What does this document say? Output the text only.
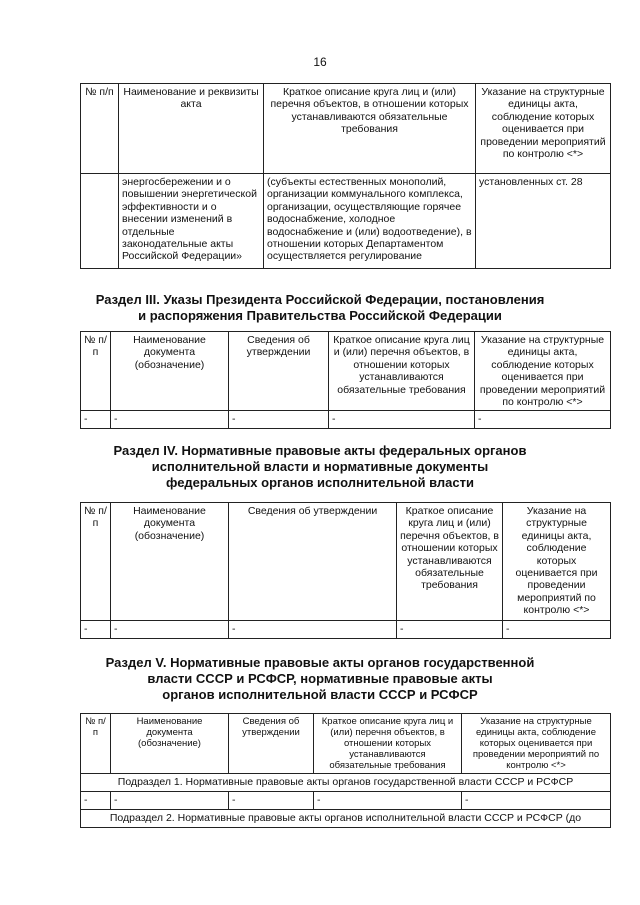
16
№ п/п	Наименование и реквизиты акта	Краткое описание круга лиц и (или) перечня объектов, в отношении которых устанавливаются обязательные требования	Указание на структурные единицы акта, соблюдение которых оценивается при проведении мероприятий по контролю <*>
	энергосбережении и о повышении энергетической эффективности и о внесении изменений в отдельные законодательные акты Российской Федерации»	(субъекты естественных монополий, организации коммунального комплекса, организации, осуществляющие горячее водоснабжение, холодное водоснабжение и (или) водоотведение), в отношении которых Департаментом осуществляется регулирование	установленных ст. 28
Раздел III. Указы Президента Российской Федерации, постановления
и распоряжения Правительства Российской Федерации
№ п/п	Наименование документа (обозначение)	Сведения об утверждении	Краткое описание круга лиц и (или) перечня объектов, в отношении которых устанавливаются обязательные требования	Указание на структурные единицы акта, соблюдение которых оценивается при проведении мероприятий по контролю <*>
-	-	-	-	-
Раздел IV. Нормативные правовые акты федеральных органов
исполнительной власти и нормативные документы
федеральных органов исполнительной власти
№ п/п	Наименование документа (обозначение)	Сведения об утверждении	Краткое описание круга лиц и (или) перечня объектов, в отношении которых устанавливаются обязательные требования	Указание на структурные единицы акта, соблюдение которых оценивается при проведении мероприятий по контролю <*>
-	-	-	-	-
Раздел V. Нормативные правовые акты органов государственной
власти СССР и РСФСР, нормативные правовые акты
органов исполнительной власти СССР и РСФСР
№ п/п	Наименование документа (обозначение)	Сведения об утверждении	Краткое описание круга лиц и (или) перечня объектов, в отношении которых устанавливаются обязательные требования	Указание на структурные единицы акта, соблюдение которых оценивается при проведении мероприятий по контролю <*>
Подраздел 1. Нормативные правовые акты органов государственной власти СССР и РСФСР				
-	-	-	-	-
Подраздел 2. Нормативные правовые акты органов исполнительной власти СССР и РСФСР (до				
